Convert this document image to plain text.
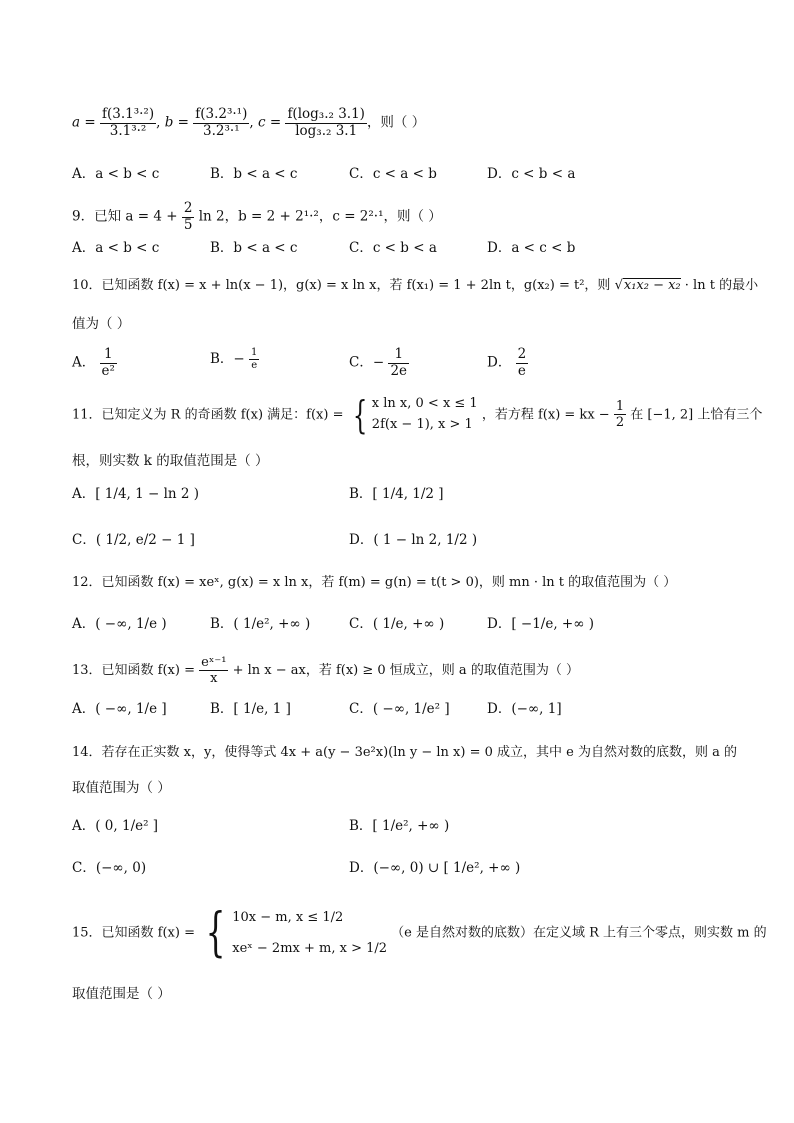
$a = \frac{\text{f(3.1³·²)}}{\text{3.1³·²}}$ , $b = \frac{\text{f(3.2³·¹)}}{\text{3.2³·¹}}$ , $c = \frac{\text{f(log₃.₂ 3.1)}}{\text{log₃.₂ 3.1}}$ ，则（ ）
A．a < b < c	B．b < a < c	C．c < a < b	D．c < b < a
9．已知 $a = 4 + \frac{2}{5}$ ln 2，b = 2 + 2¹·²，c = 2²·¹，则（ ）
A．a < b < c	B．b < a < c	C．c < b < a	D．a < c < b
10．已知函数 f(x) = x + ln(x − 1)，g(x) = x ln x，若 f(x₁) = 1 + 2ln t，g(x₂) = t²，则 √x₁x₂ − x₂ · ln t 的最小
值为（ ）
A． $\frac{1}{\text{e²}}$	B．− $\frac{1}{e}$	C．− $\frac{1}{2e}$	D． $\frac{2}{e}$
11．已知定义为 R 的奇函数 f(x) 满足：f(x) = { x ln x, 0 < x ≤ 1
2f(x − 1), x > 1
，若方程 f(x) = kx − $\frac{1}{2}$ 在 [−1, 2] 上恰有三个
根，则实数 k 的取值范围是（ ）
A．[ 1/4, 1 − ln 2 )	B．[ 1/4, 1/2 ]
C．( 1/2, e/2 − 1 ]	D．( 1 − ln 2, 1/2 )
12．已知函数 f(x) = xeˣ, g(x) = x ln x，若 f(m) = g(n) = t(t > 0)，则 mn · ln t 的取值范围为（ ）
A．( −∞, 1/e )	B．( 1/e², +∞ )	C．( 1/e, +∞ )	D．[ −1/e, +∞ )
13．已知函数 $f(x) = \frac{\text{eˣ⁻¹}}{x} + \ln x$ − ax，若 f(x) ≥ 0 恒成立，则 a 的取值范围为（ ）
A．( −∞, 1/e ]	B．[ 1/e, 1 ]	C．( −∞, 1/e² ]	D．(−∞, 1]
14．若存在正实数 x，y，使得等式 4x + a(y − 3e²x)(ln y − ln x) = 0 成立，其中 e 为自然对数的底数，则 a 的
取值范围为（ ）
A．( 0, 1/e² ]	B．[ 1/e², +∞ )
C．(−∞, 0)	D．(−∞, 0) ∪ [ 1/e², +∞ )
15．已知函数 f(x) = { 10x − m, x ≤ 1/2
xeˣ − 2mx + m, x > 1/2
（e 是自然对数的底数）在定义域 R 上有三个零点，则实数 m 的
取值范围是（ ）
